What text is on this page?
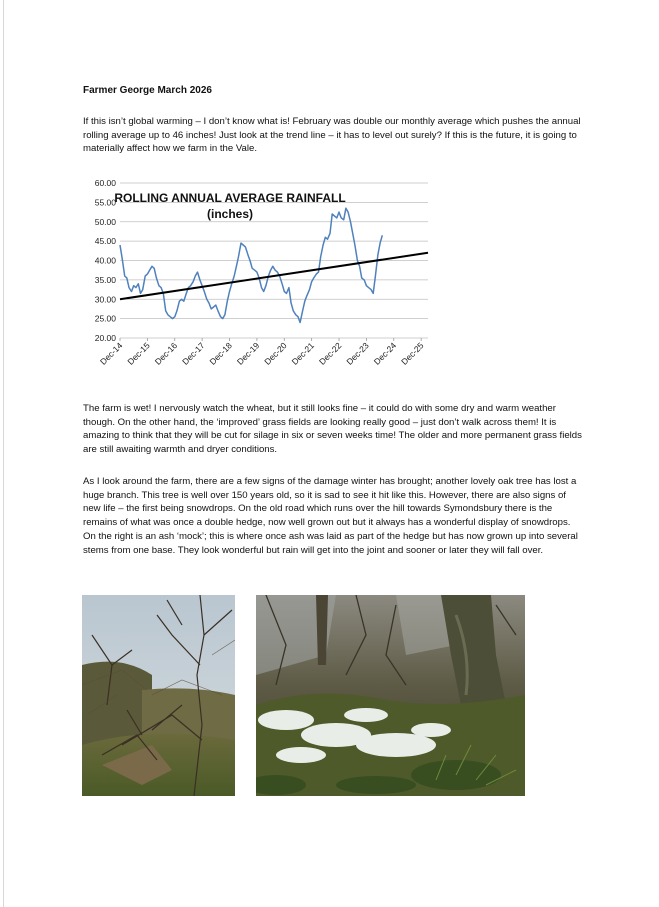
Farmer George March 2026

If this isn’t global warming – I don’t know what is! February was double our monthly average which pushes the annual rolling average up to 46 inches! Just look at the trend line – it has to level out surely? If this is the future, it is going to materially affect how we farm in the Vale.

20.00
25.00
30.00
35.00
40.00
45.00
50.00
55.00
60.00
Dec-14 Dec-15 Dec-16 Dec-17 Dec-18 Dec-19 Dec-20 Dec-21 Dec-22 Dec-23 Dec-24 Dec-25
ROLLING ANNUAL AVERAGE RAINFALL
(inches)

The farm is wet! I nervously watch the wheat, but it still looks fine – it could do with some dry and warm weather though. On the other hand, the ‘improved’ grass fields are looking really good – just don’t walk across them! It is amazing to think that they will be cut for silage in six or seven weeks time! The older and more permanent grass fields are still awaiting warmth and dryer conditions.

As I look around the farm, there are a few signs of the damage winter has brought; another lovely oak tree has lost a huge branch. This tree is well over 150 years old, so it is sad to see it hit like this. However, there are also signs of new life – the first being snowdrops. On the old road which runs over the hill towards Symondsbury there is the remains of what was once a double hedge, now well grown out but it always has a wonderful display of snowdrops. On the right is an ash ‘mock’; this is where once ash was laid as part of the hedge but has now grown up into several stems from one base. They look wonderful but rain will get into the joint and sooner or later they will fall over.
